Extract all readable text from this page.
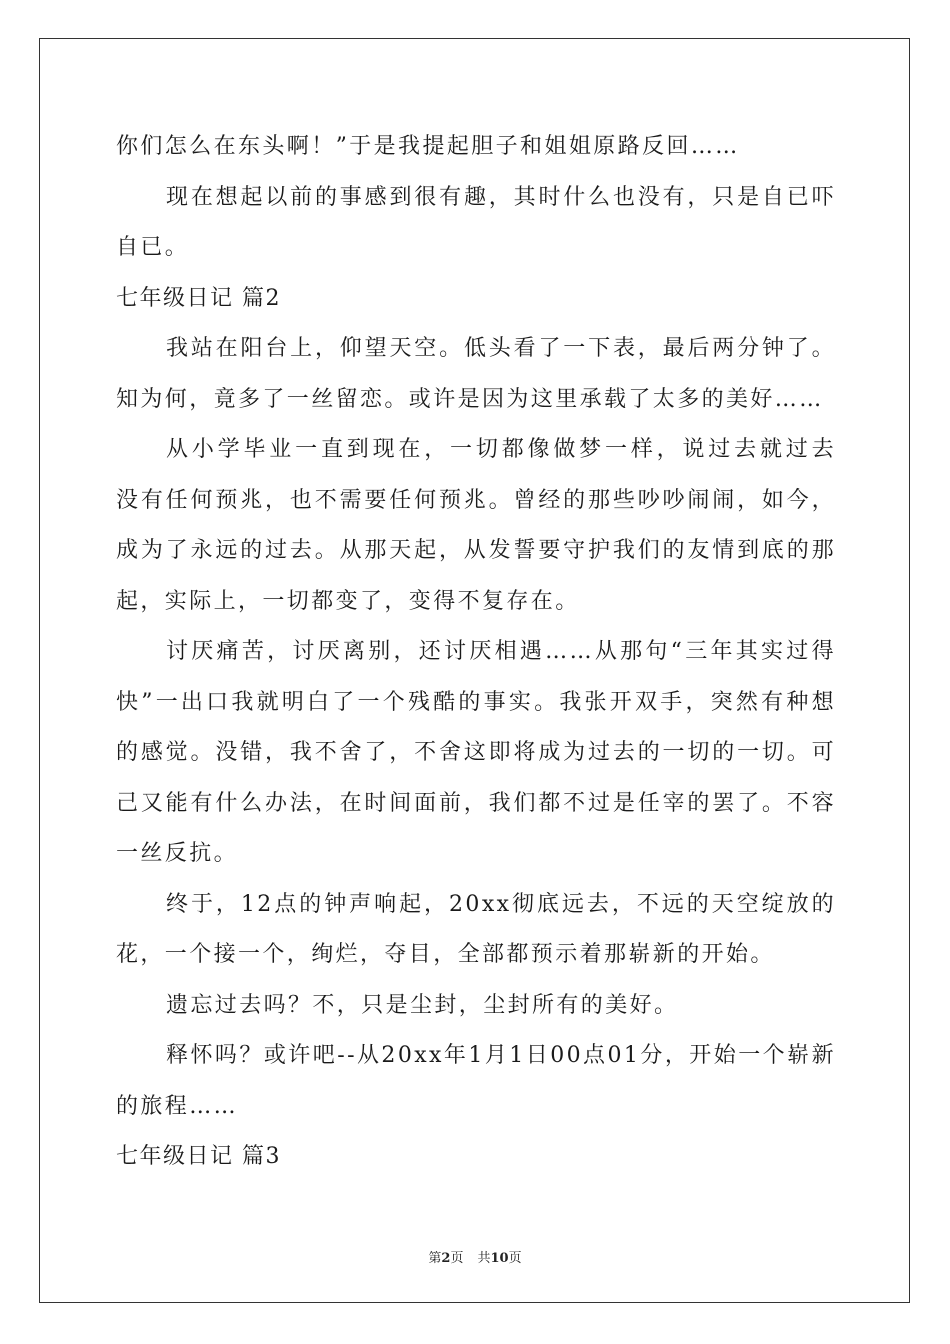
你们怎么在东头啊！”于是我提起胆子和姐姐原路反回……
现在想起以前的事感到很有趣，其时什么也没有，只是自已吓
自已。
七年级日记 篇2
我站在阳台上，仰望天空。低头看了一下表，最后两分钟了。
知为何，竟多了一丝留恋。或许是因为这里承载了太多的美好……
从小学毕业一直到现在，一切都像做梦一样，说过去就过去
没有任何预兆，也不需要任何预兆。曾经的那些吵吵闹闹，如今，
成为了永远的过去。从那天起，从发誓要守护我们的友情到底的那
起，实际上，一切都变了，变得不复存在。
讨厌痛苦，讨厌离别，还讨厌相遇……从那句“三年其实过得
快”一出口我就明白了一个残酷的事实。我张开双手，突然有种想
的感觉。没错，我不舍了，不舍这即将成为过去的一切的一切。可
己又能有什么办法，在时间面前，我们都不过是任宰的罢了。不容
一丝反抗。
终于，12点的钟声响起，20xx彻底远去，不远的天空绽放的
花，一个接一个，绚烂，夺目，全部都预示着那崭新的开始。
遗忘过去吗？不，只是尘封，尘封所有的美好。
释怀吗？或许吧--从20xx年1月1日00点01分，开始一个崭新
的旅程……
七年级日记 篇3
第2页 共10页
